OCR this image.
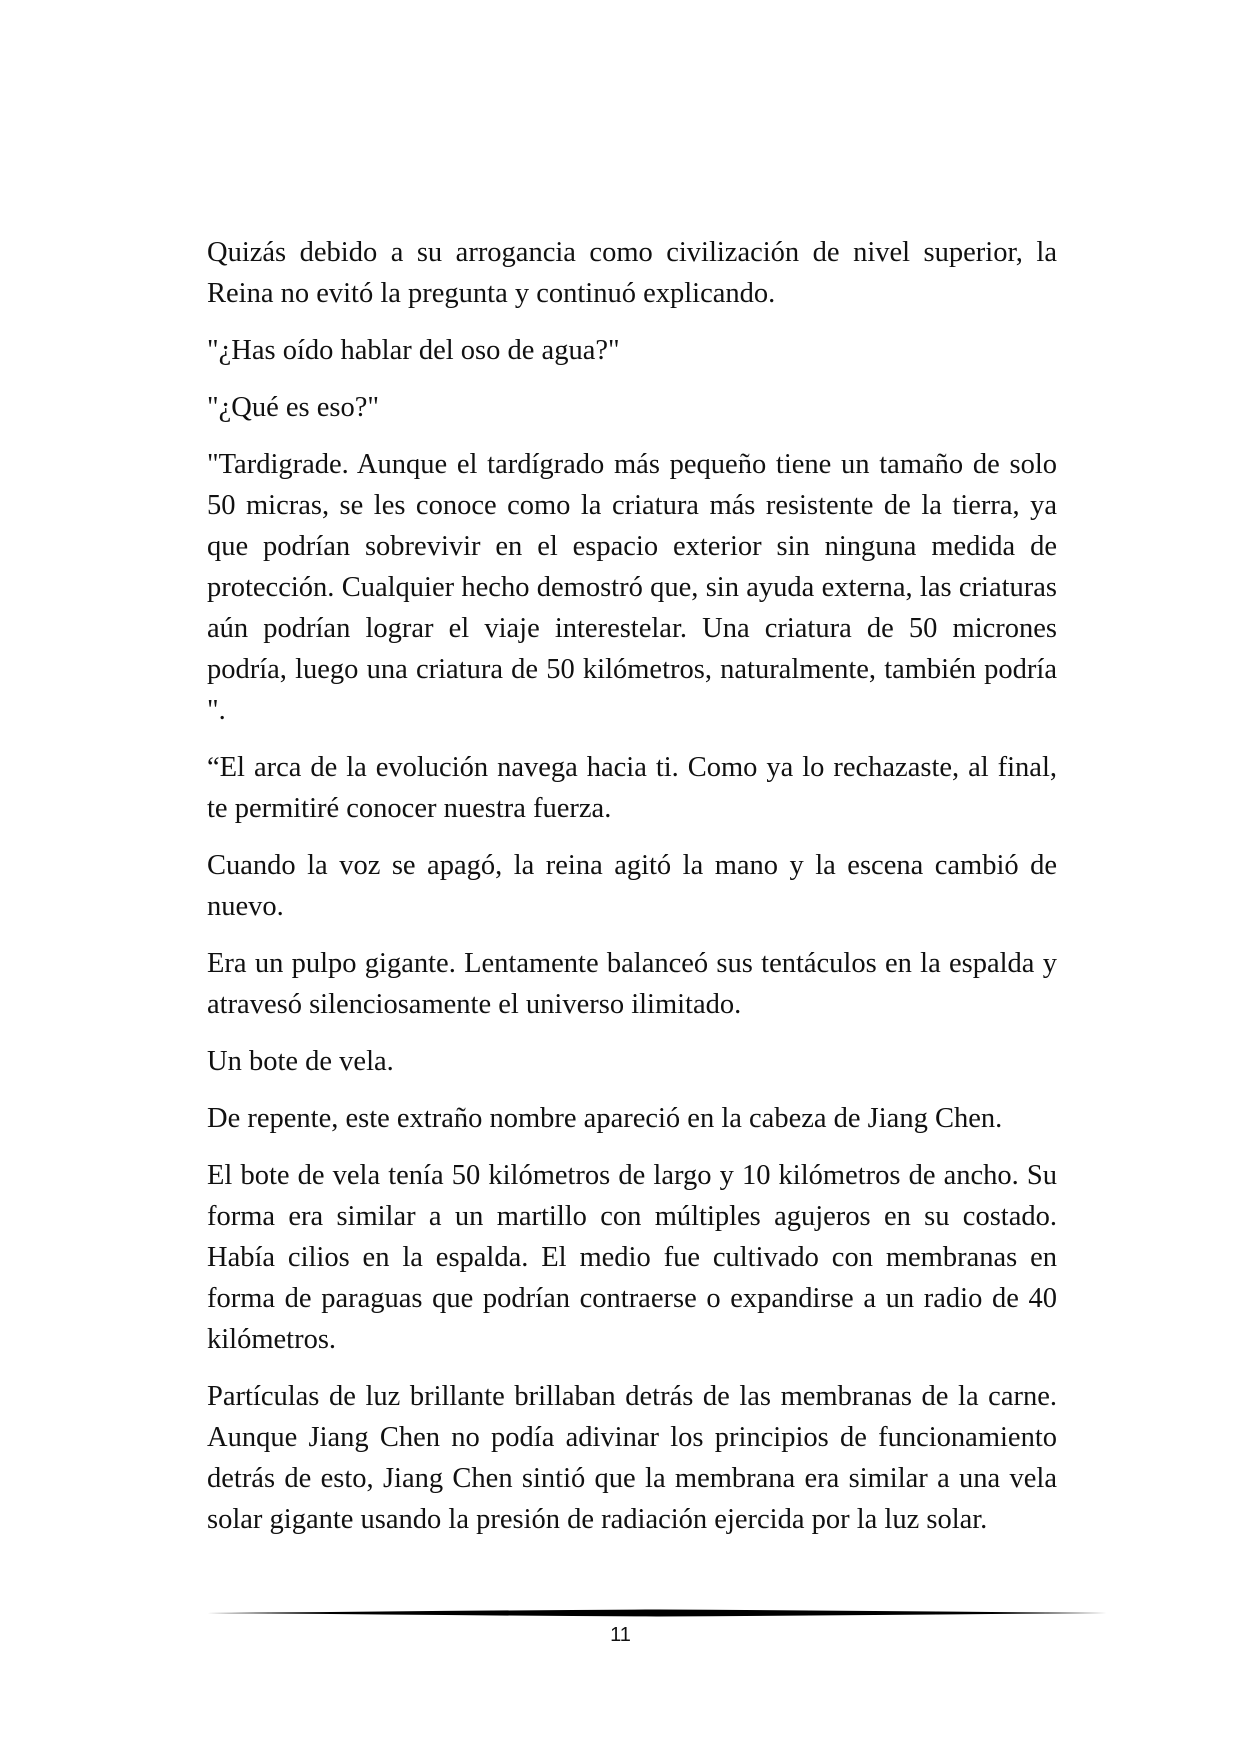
Quizás debido a su arrogancia como civilización de nivel superior, la Reina no evitó la pregunta y continuó explicando.

"¿Has oído hablar del oso de agua?"

"¿Qué es eso?"

"Tardigrade. Aunque el tardígrado más pequeño tiene un tamaño de solo 50 micras, se les conoce como la criatura más resistente de la tierra, ya que podrían sobrevivir en el espacio exterior sin ninguna medida de protección. Cualquier hecho demostró que, sin ayuda externa, las criaturas aún podrían lograr el viaje interestelar. Una criatura de 50 micrones podría, luego una criatura de 50 kilómetros, naturalmente, también podría ".

“El arca de la evolución navega hacia ti. Como ya lo rechazaste, al final, te permitiré conocer nuestra fuerza.

Cuando la voz se apagó, la reina agitó la mano y la escena cambió de nuevo.

Era un pulpo gigante. Lentamente balanceó sus tentáculos en la espalda y atravesó silenciosamente el universo ilimitado.

Un bote de vela.

De repente, este extraño nombre apareció en la cabeza de Jiang Chen.

El bote de vela tenía 50 kilómetros de largo y 10 kilómetros de ancho. Su forma era similar a un martillo con múltiples agujeros en su costado. Había cilios en la espalda. El medio fue cultivado con membranas en forma de paraguas que podrían contraerse o expandirse a un radio de 40 kilómetros.

Partículas de luz brillante brillaban detrás de las membranas de la carne. Aunque Jiang Chen no podía adivinar los principios de funcionamiento detrás de esto, Jiang Chen sintió que la membrana era similar a una vela solar gigante usando la presión de radiación ejercida por la luz solar.

11
